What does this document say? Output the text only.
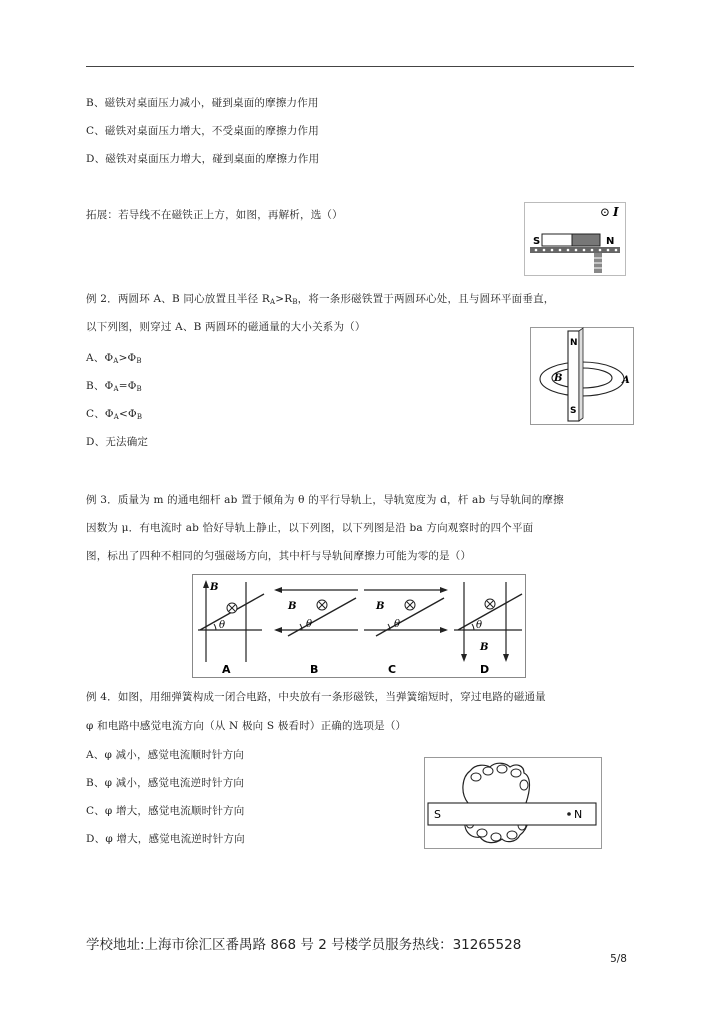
B、磁铁对桌面压力减小，碰到桌面的摩擦力作用
C、磁铁对桌面压力增大，不受桌面的摩擦力作用
D、磁铁对桌面压力增大，碰到桌面的摩擦力作用
拓展：若导线不在磁铁正上方，如图，再解析，选（）	⊙ I
S	N
例 2．两圆环 A、B 同心放置且半径 $R_A>R_B$，将一条形磁铁置于两圆环心处，且与圆环平面垂直，
以下列图，则穿过 A、B 两圆环的磁通量的大小关系为（）
A、$\Phi_A>\Phi_B$
B、$\Phi_A=\Phi_B$
C、$\Phi_A<\Phi_B$
D、无法确定
N
S
B	A
例 3．质量为 m 的通电细杆 ab 置于倾角为 θ 的平行导轨上，导轨宽度为 d，杆 ab 与导轨间的摩擦
因数为 μ．有电流时 ab 恰好导轨上静止，以下列图，以下列图是沿 ba 方向观察时的四个平面
图，标出了四种不相同的匀强磁场方向，其中杆与导轨间摩擦力可能为零的是（）
θ
B
A
B
θ
B
B
θ
C
θ
B
D
例 4．如图，用细弹簧构成一闭合电路，中央放有一条形磁铁，当弹簧缩短时，穿过电路的磁通量
φ 和电路中感觉电流方向（从 N 极向 S 极看时）正确的选项是（）
A、φ 减小，感觉电流顺时针方向
B、φ 减小，感觉电流逆时针方向
C、φ 增大，感觉电流顺时针方向
D、φ 增大，感觉电流逆时针方向
S	N
学校地址:上海市徐汇区番禺路 868 号 2 号楼学员服务热线：31265528
5/8
